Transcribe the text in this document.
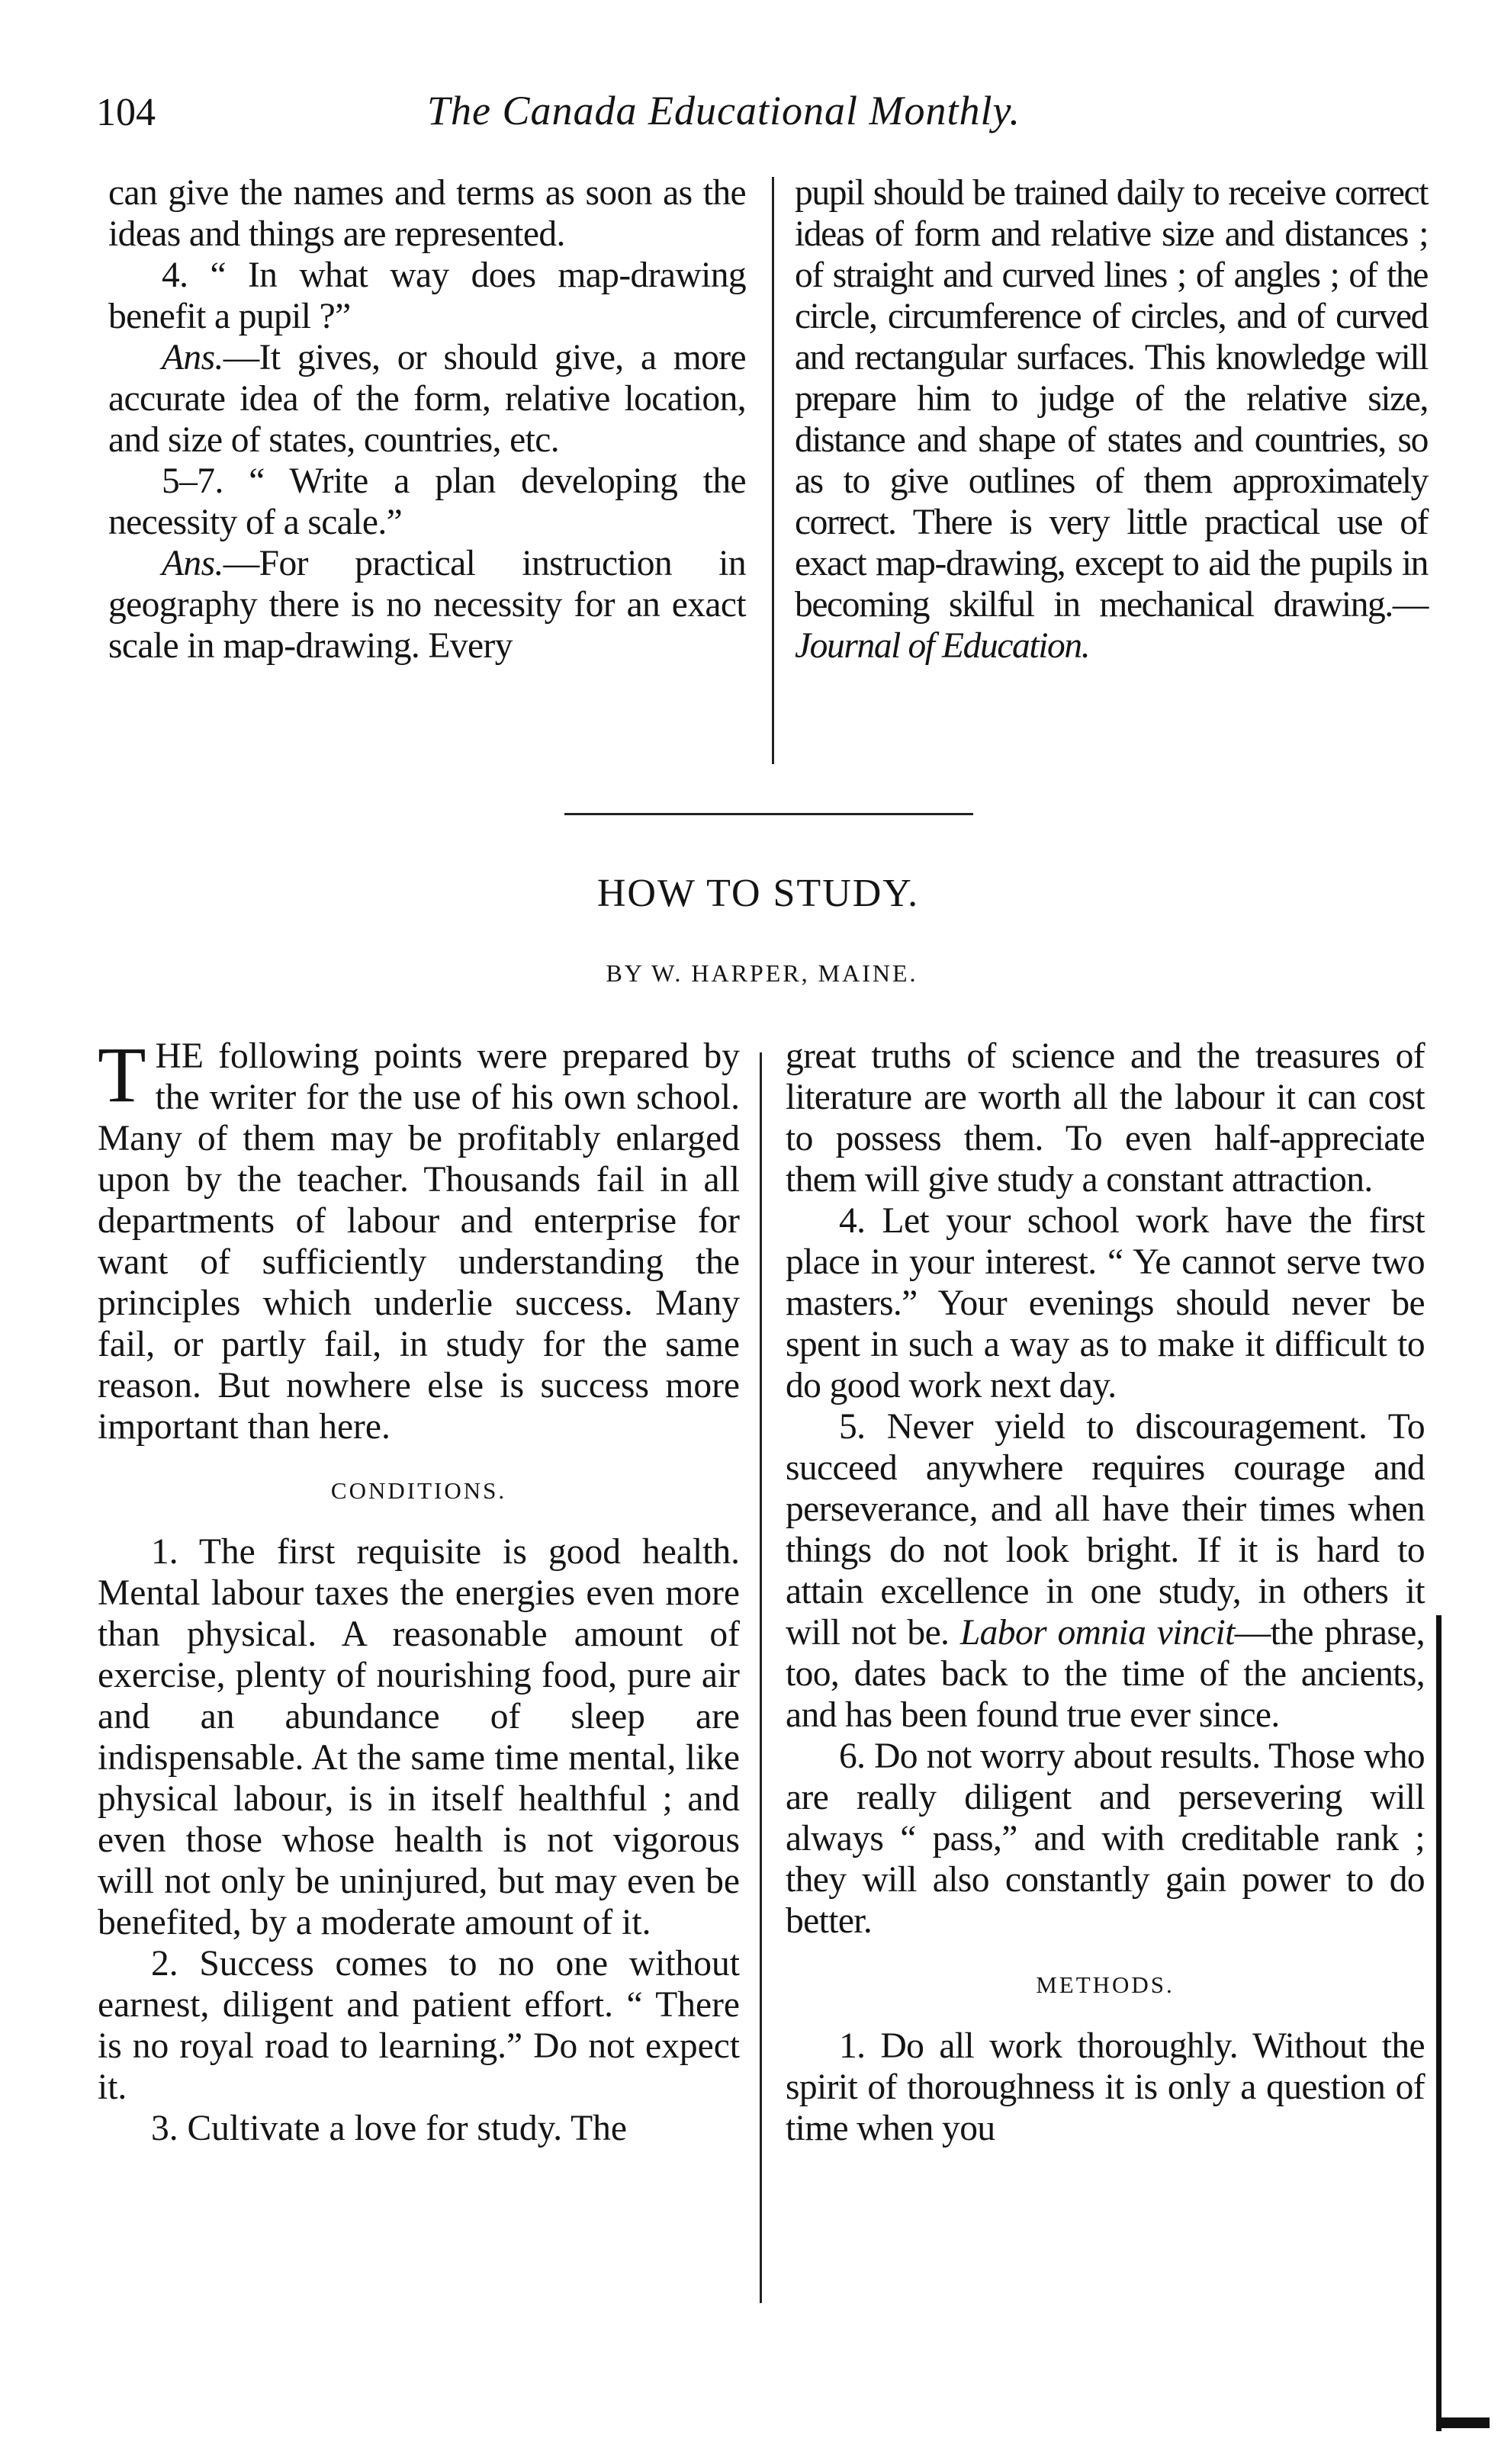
104	The Canada Educational Monthly.

can give the names and terms as soon as the ideas and things are represented.

4. “ In what way does map-drawing benefit a pupil ?”

Ans.—It gives, or should give, a more accurate idea of the form, relative location, and size of states, countries, etc.

5–7. “ Write a plan developing the necessity of a scale.”

Ans.—For practical instruction in geography there is no necessity for an exact scale in map-drawing. Every

pupil should be trained daily to receive correct ideas of form and relative size and distances ; of straight and curved lines ; of angles ; of the circle, circumference of circles, and of curved and rectangular surfaces. This knowledge will prepare him to judge of the relative size, distance and shape of states and countries, so as to give outlines of them approximately correct. There is very little practical use of exact map-drawing, except to aid the pupils in becoming skilful in mechanical drawing.—Journal of Education.

HOW TO STUDY.
BY W. HARPER, MAINE.

THE following points were prepared by the writer for the use of his own school. Many of them may be profitably enlarged upon by the teacher. Thousands fail in all departments of labour and enterprise for want of sufficiently understanding the principles which underlie success. Many fail, or partly fail, in study for the same reason. But nowhere else is success more important than here.

CONDITIONS.

1. The first requisite is good health. Mental labour taxes the energies even more than physical. A reasonable amount of exercise, plenty of nourishing food, pure air and an abundance of sleep are indispensable. At the same time mental, like physical labour, is in itself healthful ; and even those whose health is not vigorous will not only be uninjured, but may even be benefited, by a moderate amount of it.

2. Success comes to no one without earnest, diligent and patient effort. “ There is no royal road to learning.” Do not expect it.

3. Cultivate a love for study. The

great truths of science and the treasures of literature are worth all the labour it can cost to possess them. To even half-appreciate them will give study a constant attraction.

4. Let your school work have the first place in your interest. “ Ye cannot serve two masters.” Your evenings should never be spent in such a way as to make it difficult to do good work next day.

5. Never yield to discouragement. To succeed anywhere requires courage and perseverance, and all have their times when things do not look bright. If it is hard to attain excellence in one study, in others it will not be. Labor omnia vincit—the phrase, too, dates back to the time of the ancients, and has been found true ever since.

6. Do not worry about results. Those who are really diligent and persevering will always “ pass,” and with creditable rank ; they will also constantly gain power to do better.

METHODS.

1. Do all work thoroughly. Without the spirit of thoroughness it is only a question of time when you
